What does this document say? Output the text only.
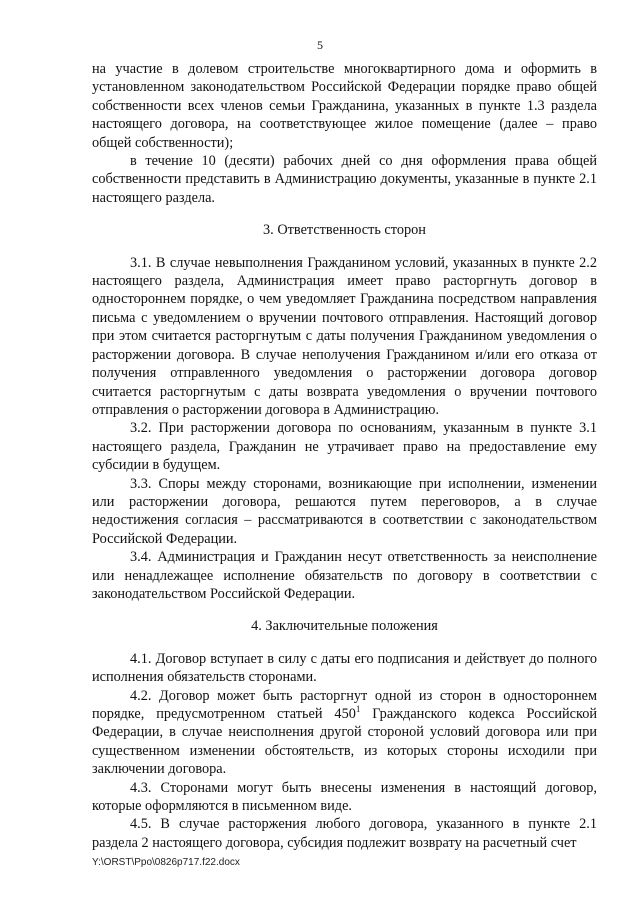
5

на участие в долевом строительстве многоквартирного дома и оформить в установленном законодательством Российской Федерации порядке право общей собственности всех членов семьи Гражданина, указанных в пункте 1.3 раздела настоящего договора, на соответствующее жилое помещение (далее – право общей собственности);

в течение 10 (десяти) рабочих дней со дня оформления права общей собственности представить в Администрацию документы, указанные в пункте 2.1 настоящего раздела.

3. Ответственность сторон

3.1. В случае невыполнения Гражданином условий, указанных в пункте 2.2 настоящего раздела, Администрация имеет право расторгнуть договор в одностороннем порядке, о чем уведомляет Гражданина посредством направления письма с уведомлением о вручении почтового отправления. Настоящий договор при этом считается расторгнутым с даты получения Гражданином уведомления о расторжении договора. В случае неполучения Гражданином и/или его отказа от получения отправленного уведомления о расторжении договора договор считается расторгнутым с даты возврата уведомления о вручении почтового отправления о расторжении договора в Администрацию.

3.2. При расторжении договора по основаниям, указанным в пункте 3.1 настоящего раздела, Гражданин не утрачивает право на предоставление ему субсидии в будущем.

3.3. Споры между сторонами, возникающие при исполнении, изменении или расторжении договора, решаются путем переговоров, а в случае недостижения согласия – рассматриваются в соответствии с законодательством Российской Федерации.

3.4. Администрация и Гражданин несут ответственность за неисполнение или ненадлежащее исполнение обязательств по договору в соответствии с законодательством Российской Федерации.

4. Заключительные положения

4.1. Договор вступает в силу с даты его подписания и действует до полного исполнения обязательств сторонами.

4.2. Договор может быть расторгнут одной из сторон в одностороннем порядке, предусмотренном статьей $450^1$ Гражданского кодекса Российской Федерации, в случае неисполнения другой стороной условий договора или при существенном изменении обстоятельств, из которых стороны исходили при заключении договора.

4.3. Сторонами могут быть внесены изменения в настоящий договор, которые оформляются в письменном виде.

4.5. В случае расторжения любого договора, указанного в пункте 2.1 раздела 2 настоящего договора, субсидия подлежит возврату на расчетный счет

Y:\ORST\Ppo\0826p717.f22.docx
